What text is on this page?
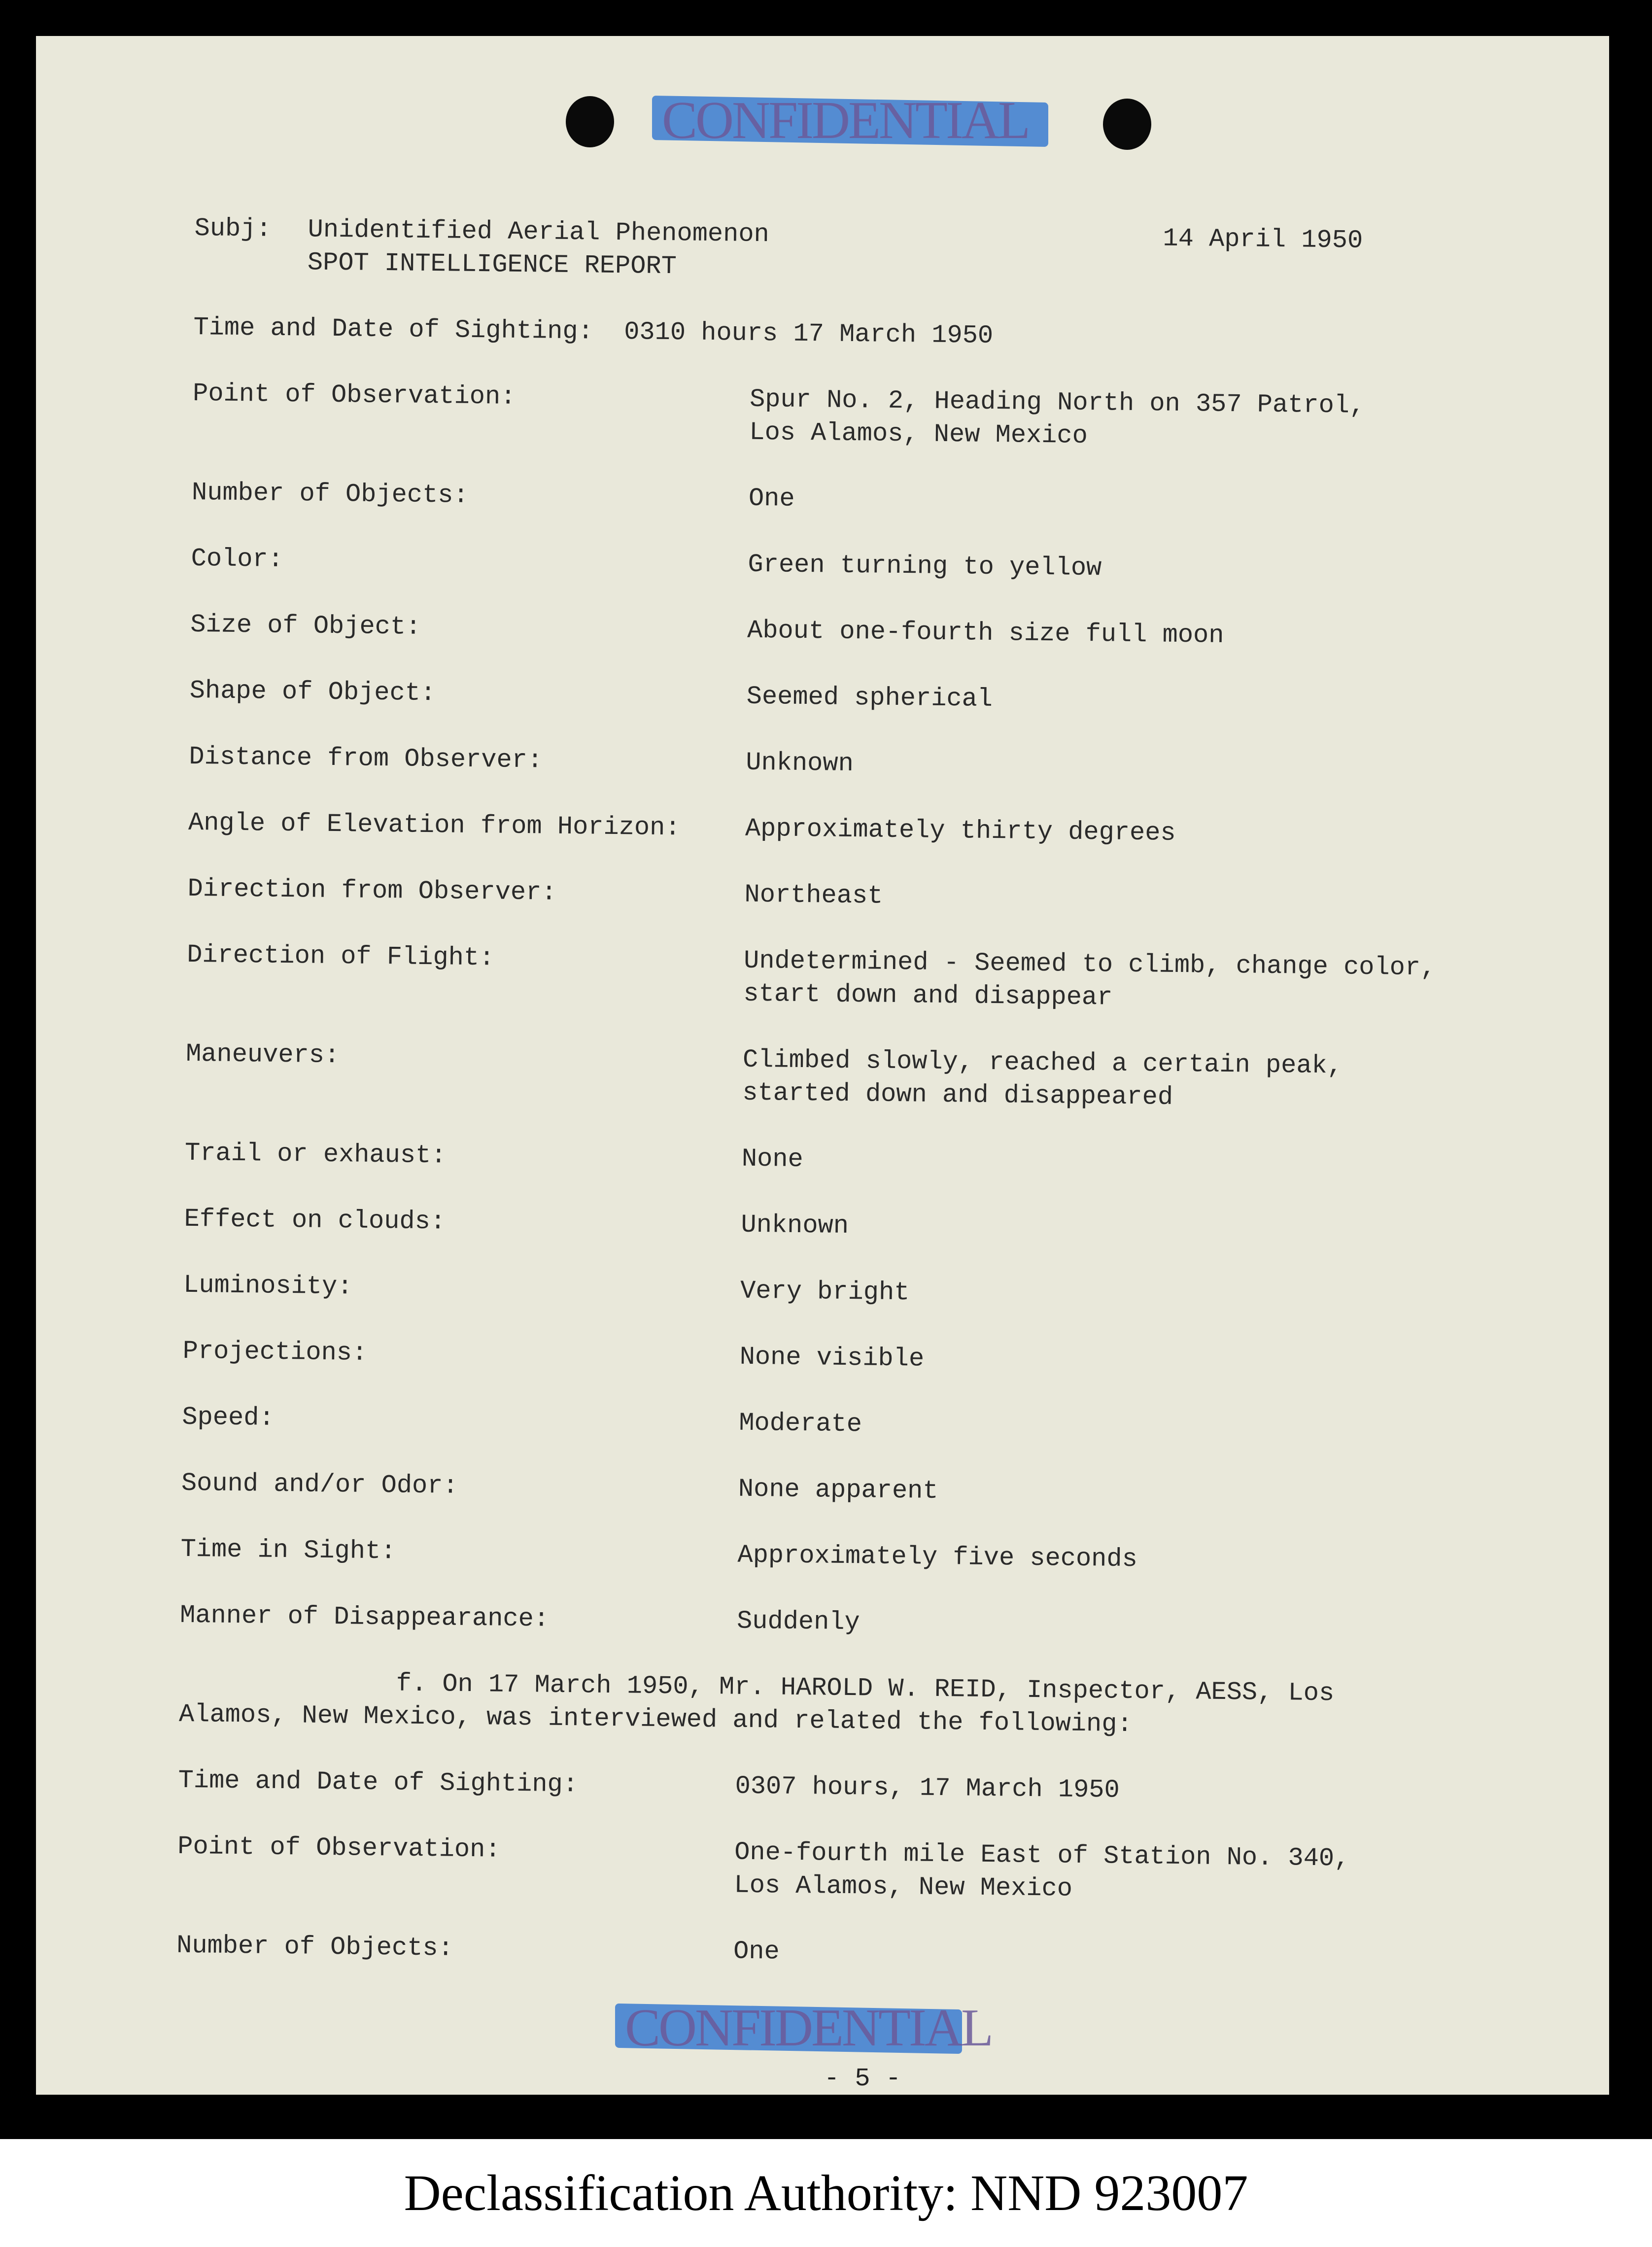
CONFIDENTIAL
CONFIDENTIAL
- 5 -
Subj: Unidentified Aerial Phenomenon
SPOT INTELLIGENCE REPORT
14 April 1950
Time and Date of Sighting:  0310 hours 17 March 1950
Point of Observation:	Spur No. 2, Heading North on 357 Patrol,
Los Alamos, New Mexico
Number of Objects:	One
Color:	Green turning to yellow
Size of Object:	About one-fourth size full moon
Shape of Object:	Seemed spherical
Distance from Observer:	Unknown
Angle of Elevation from Horizon:	Approximately thirty degrees
Direction from Observer:	Northeast
Direction of Flight:	Undetermined - Seemed to climb, change color,
start down and disappear
Maneuvers:	Climbed slowly, reached a certain peak,
started down and disappeared
Trail or exhaust:	None
Effect on clouds:	Unknown
Luminosity:	Very bright
Projections:	None visible
Speed:	Moderate
Sound and/or Odor:	None apparent
Time in Sight:	Approximately five seconds
Manner of Disappearance:	Suddenly
f. On 17 March 1950, Mr. HAROLD W. REID, Inspector, AESS, Los Alamos, New Mexico, was interviewed and related the following:
Time and Date of Sighting:	0307 hours, 17 March 1950
Point of Observation:	One-fourth mile East of Station No. 340,
Los Alamos, New Mexico
Number of Objects:	One
Declassification Authority: NND 923007
